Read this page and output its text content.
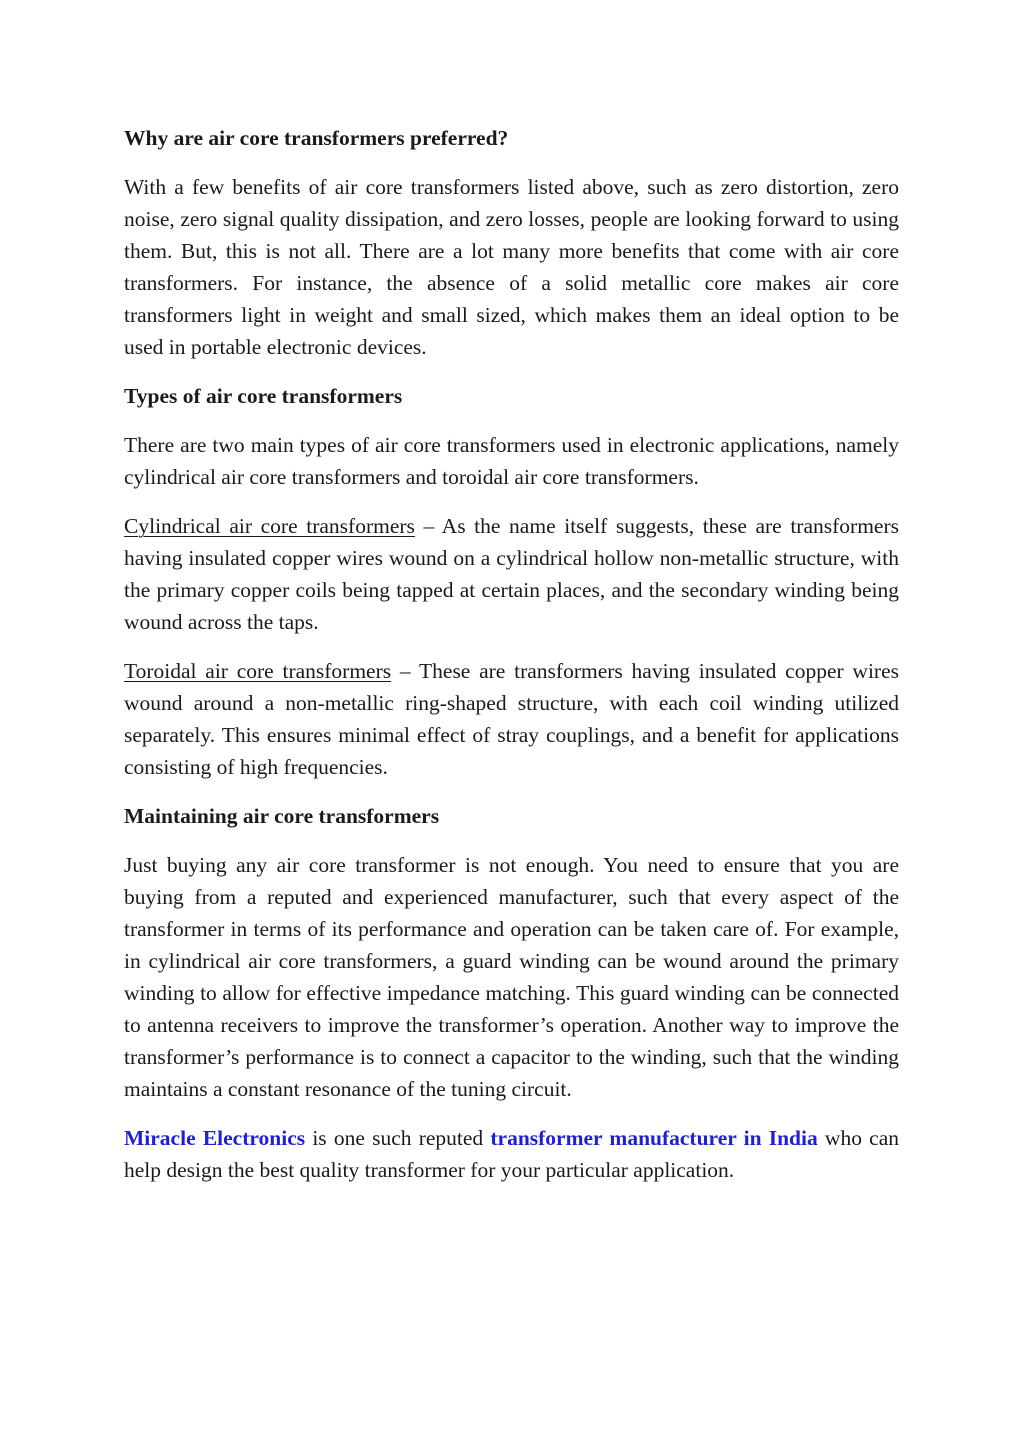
Why are air core transformers preferred?

With a few benefits of air core transformers listed above, such as zero distortion, zero noise, zero signal quality dissipation, and zero losses, people are looking forward to using them. But, this is not all. There are a lot many more benefits that come with air core transformers. For instance, the absence of a solid metallic core makes air core transformers light in weight and small sized, which makes them an ideal option to be used in portable electronic devices.

Types of air core transformers

There are two main types of air core transformers used in electronic applications, namely cylindrical air core transformers and toroidal air core transformers.

Cylindrical air core transformers – As the name itself suggests, these are transformers having insulated copper wires wound on a cylindrical hollow non-metallic structure, with the primary copper coils being tapped at certain places, and the secondary winding being wound across the taps.

Toroidal air core transformers – These are transformers having insulated copper wires wound around a non-metallic ring-shaped structure, with each coil winding utilized separately. This ensures minimal effect of stray couplings, and a benefit for applications consisting of high frequencies.

Maintaining air core transformers

Just buying any air core transformer is not enough. You need to ensure that you are buying from a reputed and experienced manufacturer, such that every aspect of the transformer in terms of its performance and operation can be taken care of. For example, in cylindrical air core transformers, a guard winding can be wound around the primary winding to allow for effective impedance matching. This guard winding can be connected to antenna receivers to improve the transformer’s operation. Another way to improve the transformer’s performance is to connect a capacitor to the winding, such that the winding maintains a constant resonance of the tuning circuit.

Miracle Electronics is one such reputed transformer manufacturer in India who can help design the best quality transformer for your particular application.
